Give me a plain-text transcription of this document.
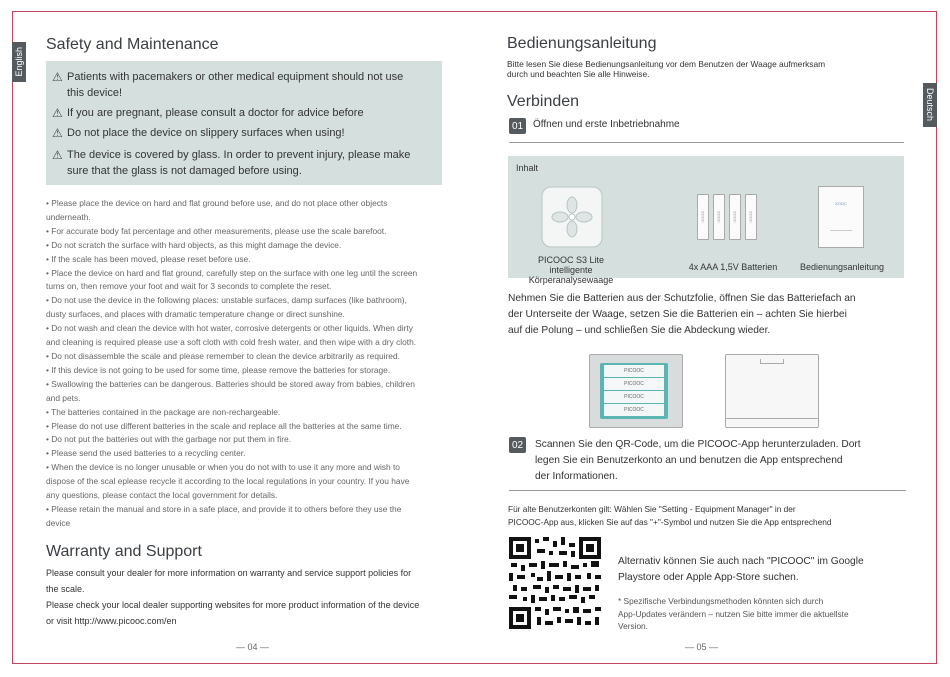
English
Safety and Maintenance
⚠ Patients with pacemakers or other medical equipment should not use
this device!
⚠ If you are pregnant, please consult a doctor for advice before
⚠ Do not place the device on slippery surfaces when using!
⚠ The device is covered by glass. In order to prevent injury, please make
sure that the glass is not damaged before using.

• Please place the device on hard and flat ground before use, and do not place other objects

underneath.

• For accurate body fat percentage and other measurements, please use the scale barefoot.

• Do not scratch the surface with hard objects, as this might damage the device.

• If the scale has been moved, please reset before use.

• Place the device on hard and flat ground, carefully step on the surface with one leg until the screen

turns on, then remove your foot and wait for 3 seconds to complete the reset.

• Do not use the device in the following places: unstable surfaces, damp surfaces (like bathroom),

dusty surfaces, and places with dramatic temperature change or direct sunshine.

• Do not wash and clean the device with hot water, corrosive detergents or other liquids. When dirty

and cleaning is required please use a soft cloth with cold fresh water, and then wipe with a dry cloth.

• Do not disassemble the scale and please remember to clean the device arbitrarily as required.

• If this device is not going to be used for some time, please remove the batteries for storage.

• Swallowing the batteries can be dangerous. Batteries should be stored away from babies, children

and pets.

• The batteries contained in the package are non-rechargeable.

• Please do not use different batteries in the scale and replace all the batteries at the same time.

• Do not put the batteries out with the garbage nor put them in fire.

• Please send the used batteries to a recycling center.

• When the device is no longer unusable or when you do not with to use it any more and wish to

dispose of the scal eplease recycle it according to the local regulations in your country. If you have

any questions, please contact the local government for details.

• Please retain the manual and store in a safe place, and provide it to others before they use the

device

Warranty and Support
Please consult your dealer for more information on warranty and service support policies for
the scale.
Please check your local dealer supporting websites for more product information of the device
or visit http://www.picooc.com/en
— 04 —
Deutsch
Bedienungsanleitung
Bitte lesen Sie diese Bedienungsanleitung vor dem Benutzen der Waage aufmerksam
durch und beachten Sie alle Hinweise.
Verbinden
01 Öffnen und erste Inbetriebnahme
Inhalt
PICOOC S3 Lite
intelligente Körperanalysewaage
XOOC	XOOC	XOOC	XOOC
4x AAA 1,5V Batterien
XOOC
Bedienungsanleitung
Nehmen Sie die Batterien aus der Schutzfolie, öffnen Sie das Batteriefach an
der Unterseite der Waage, setzen Sie die Batterien ein – achten Sie hierbei
auf die Polung – und schließen Sie die Abdeckung wieder.
PICOOC
PICOOC
PICOOC
PICOOC
02 Scannen Sie den QR-Code, um die PICOOC-App herunterzuladen. Dort
legen Sie ein Benutzerkonto an und benutzen die App entsprechend
der Informationen.
Für alte Benutzerkonten gilt: Wählen Sie "Setting - Equipment Manager" in der
PICOOC-App aus, klicken Sie auf das "+"-Symbol und nutzen Sie die App entsprechend
Alternativ können Sie auch nach "PICOOC" im Google
Playstore oder Apple App-Store suchen.
* Spezifische Verbindungsmethoden könnten sich durch
App-Updates verändern – nutzen Sie bitte immer die aktuellste
Version.
— 05 —
